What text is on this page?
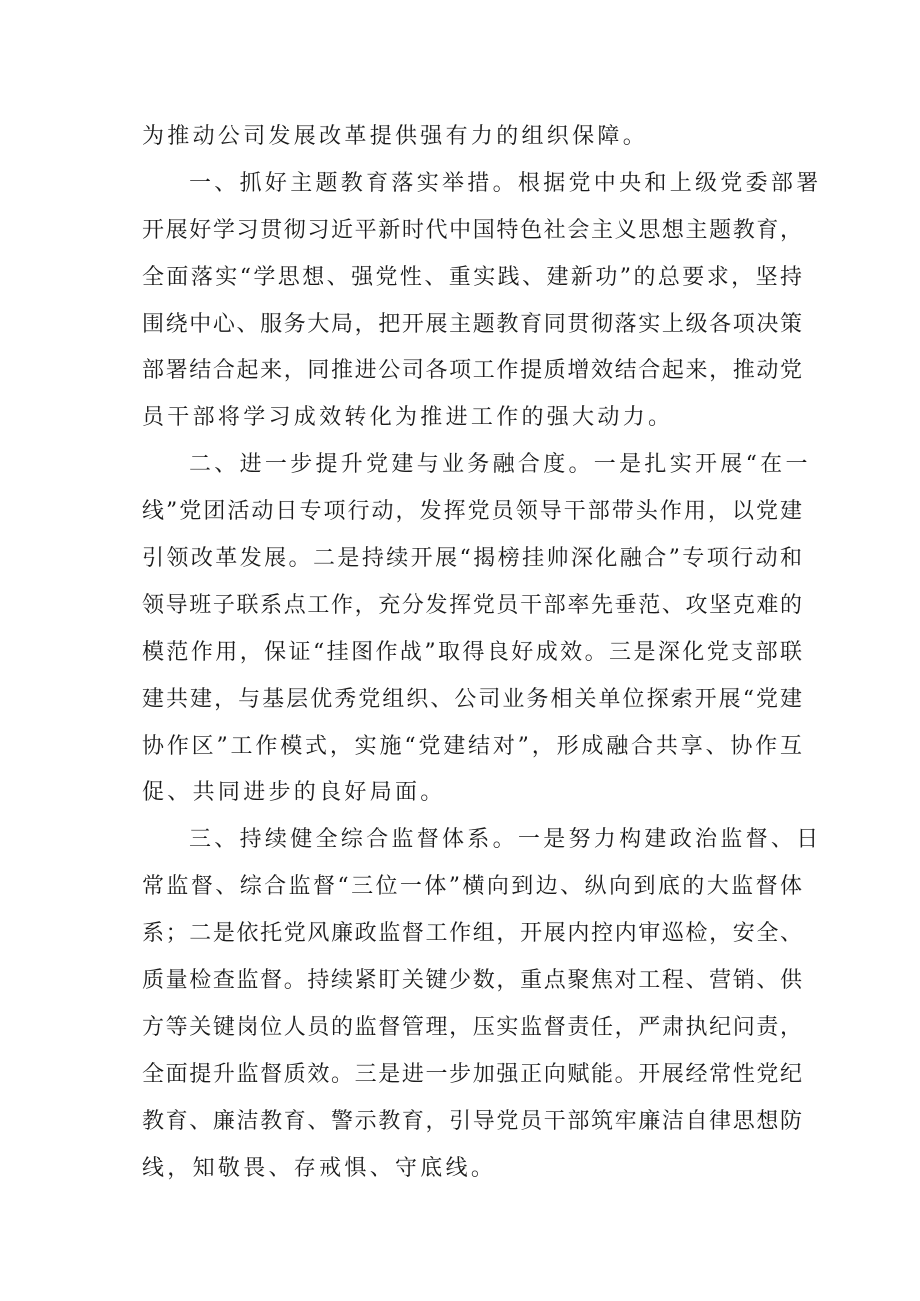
为推动公司发展改革提供强有力的组织保障。
一、抓好主题教育落实举措。根据党中央和上级党委部署
开展好学习贯彻习近平新时代中国特色社会主义思想主题教育，
全面落实“学思想、强党性、重实践、建新功”的总要求，坚持
围绕中心、服务大局，把开展主题教育同贯彻落实上级各项决策
部署结合起来，同推进公司各项工作提质增效结合起来，推动党
员干部将学习成效转化为推进工作的强大动力。
二、进一步提升党建与业务融合度。一是扎实开展“在一
线”党团活动日专项行动，发挥党员领导干部带头作用，以党建
引领改革发展。二是持续开展“揭榜挂帅深化融合”专项行动和
领导班子联系点工作，充分发挥党员干部率先垂范、攻坚克难的
模范作用，保证“挂图作战”取得良好成效。三是深化党支部联
建共建，与基层优秀党组织、公司业务相关单位探索开展“党建
协作区”工作模式，实施“党建结对”，形成融合共享、协作互
促、共同进步的良好局面。
三、持续健全综合监督体系。一是努力构建政治监督、日
常监督、综合监督“三位一体”横向到边、纵向到底的大监督体
系；二是依托党风廉政监督工作组，开展内控内审巡检，安全、
质量检查监督。持续紧盯关键少数，重点聚焦对工程、营销、供
方等关键岗位人员的监督管理，压实监督责任，严肃执纪问责，
全面提升监督质效。三是进一步加强正向赋能。开展经常性党纪
教育、廉洁教育、警示教育，引导党员干部筑牢廉洁自律思想防
线，知敬畏、存戒惧、守底线。
